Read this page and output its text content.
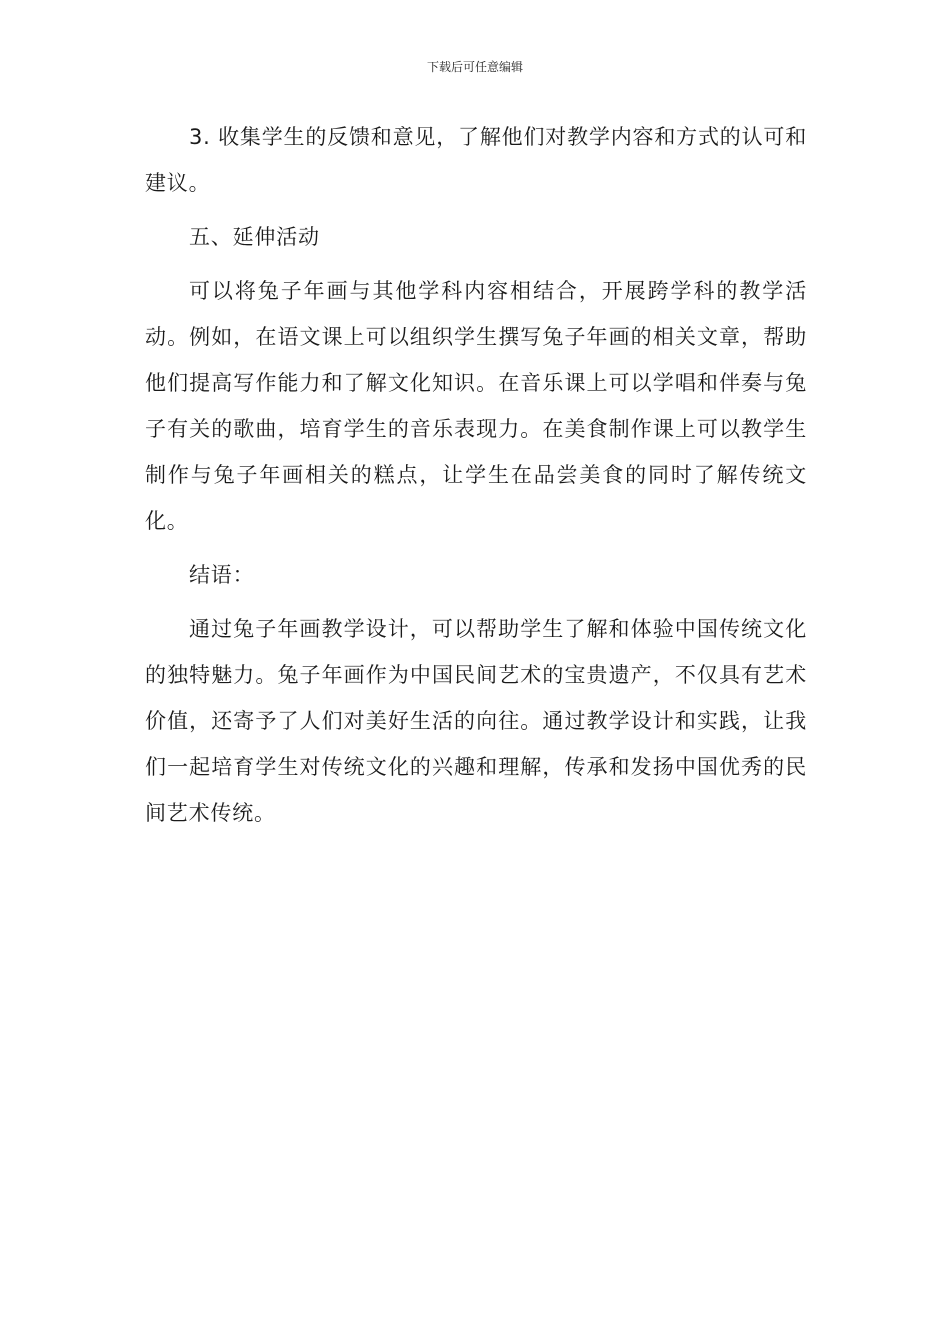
下载后可任意编辑

3. 收集学生的反馈和意见，了解他们对教学内容和方式的认可和建议。

五、延伸活动

可以将兔子年画与其他学科内容相结合，开展跨学科的教学活动。例如，在语文课上可以组织学生撰写兔子年画的相关文章，帮助他们提高写作能力和了解文化知识。在音乐课上可以学唱和伴奏与兔子有关的歌曲，培育学生的音乐表现力。在美食制作课上可以教学生制作与兔子年画相关的糕点，让学生在品尝美食的同时了解传统文化。

结语：

通过兔子年画教学设计，可以帮助学生了解和体验中国传统文化的独特魅力。兔子年画作为中国民间艺术的宝贵遗产，不仅具有艺术价值，还寄予了人们对美好生活的向往。通过教学设计和实践，让我们一起培育学生对传统文化的兴趣和理解，传承和发扬中国优秀的民间艺术传统。
